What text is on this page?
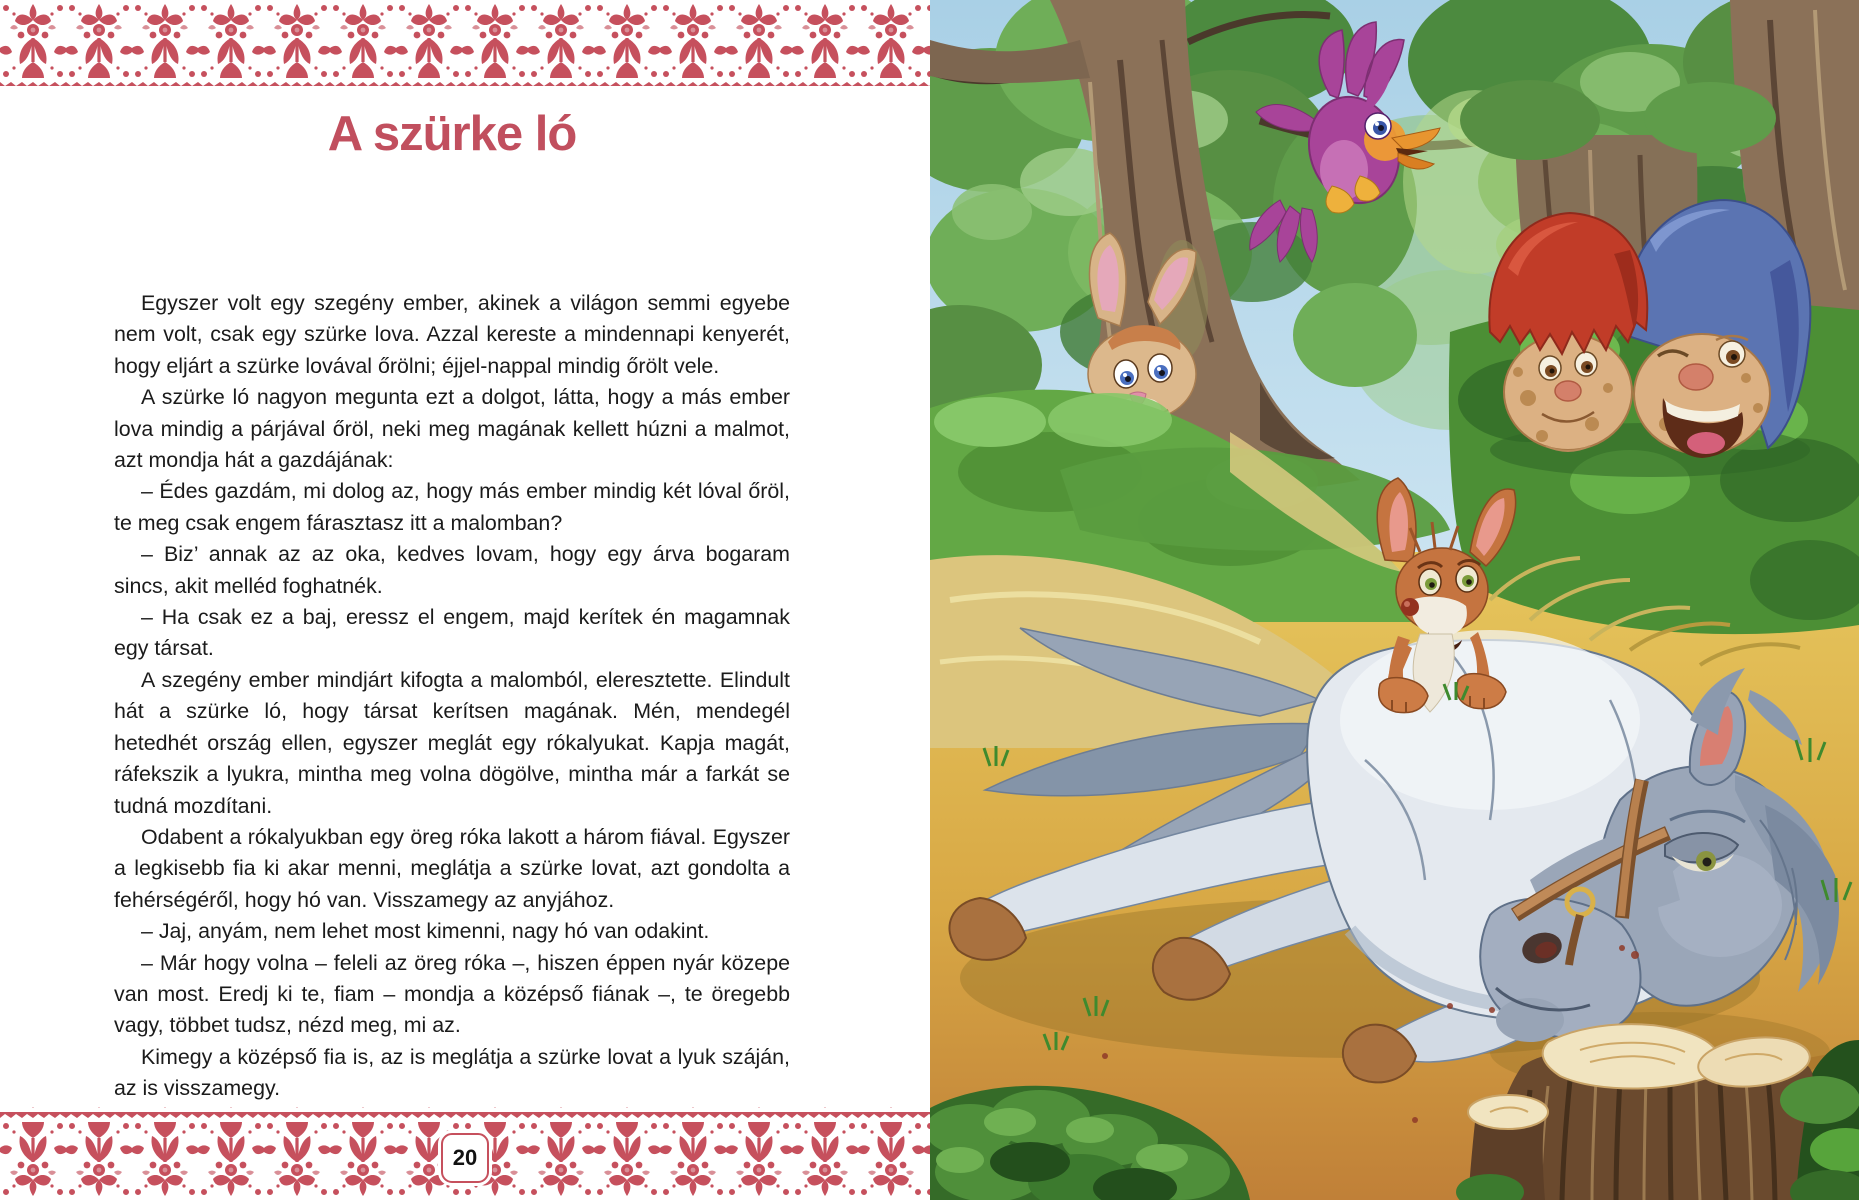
A szürke ló

Egyszer volt egy szegény ember, akinek a világon semmi egyebe nem volt, csak egy szürke lova. Azzal kereste a mindennapi kenyerét, hogy eljárt a szürke lovával őrölni; éjjel-nappal mindig őrölt vele.

A szürke ló nagyon megunta ezt a dolgot, látta, hogy a más ember lova mindig a párjával őröl, neki meg magának kellett húzni a malmot, azt mondja hát a gazdájának:

– Édes gazdám, mi dolog az, hogy más ember mindig két lóval őröl, te meg csak engem fárasztasz itt a malomban?

– Biz’ annak az az oka, kedves lovam, hogy egy árva bogaram sincs, akit melléd foghatnék.

– Ha csak ez a baj, eressz el engem, majd kerítek én magamnak egy társat.

A szegény ember mindjárt kifogta a malomból, eleresztette. Elindult hát a szürke ló, hogy társat kerítsen magának. Mén, mendegél hetedhét ország ellen, egyszer meglát egy rókalyukat. Kapja magát, ráfekszik a lyukra, mintha meg volna dögölve, mintha már a farkát se tudná mozdítani.

Odabent a rókalyukban egy öreg róka lakott a három fiával. Egyszer a legkisebb fia ki akar menni, meglátja a szürke lovat, azt gondolta a fehérségéről, hogy hó van. Visszamegy az anyjához.

– Jaj, anyám, nem lehet most kimenni, nagy hó van odakint.

– Már hogy volna – feleli az öreg róka –, hiszen éppen nyár közepe van most. Eredj ki te, fiam – mondja a középső fiának –, te öregebb vagy, többet tudsz, nézd meg, mi az.

Kimegy a középső fia is, az is meglátja a szürke lovat a lyuk száján, az is visszamegy.

20
